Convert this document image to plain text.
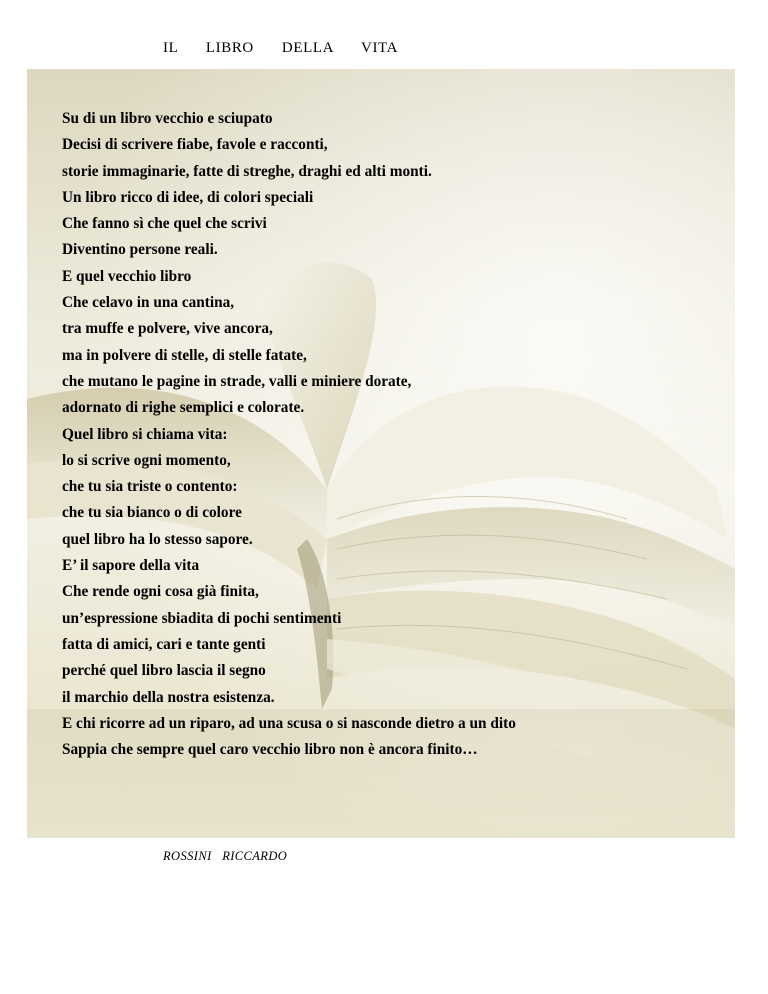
IL   LIBRO   DELLA   VITA
Su di un libro vecchio e sciupato
Decisi di scrivere fiabe, favole e racconti,
storie immaginarie, fatte di streghe, draghi ed alti monti.
Un libro ricco di idee, di colori speciali
Che fanno sì che quel che scrivi
Diventino persone reali.
E quel vecchio libro
Che celavo in una cantina,
tra muffe e polvere, vive ancora,
ma in polvere di stelle, di stelle fatate,
che mutano le pagine in strade, valli e miniere dorate,
adornato di righe semplici e colorate.
Quel libro si chiama vita:
lo si scrive ogni momento,
che tu sia triste o contento:
che tu sia bianco o di colore
quel libro ha lo stesso sapore.
E’ il sapore della vita
Che rende ogni cosa già finita,
un’espressione sbiadita di pochi sentimenti
fatta di amici, cari e tante genti
perché quel libro lascia il segno
il marchio della nostra esistenza.
E chi ricorre ad un riparo, ad una scusa o si nasconde dietro a un dito
Sappia che sempre quel caro vecchio libro non è ancora finito…
ROSSINI   RICCARDO
